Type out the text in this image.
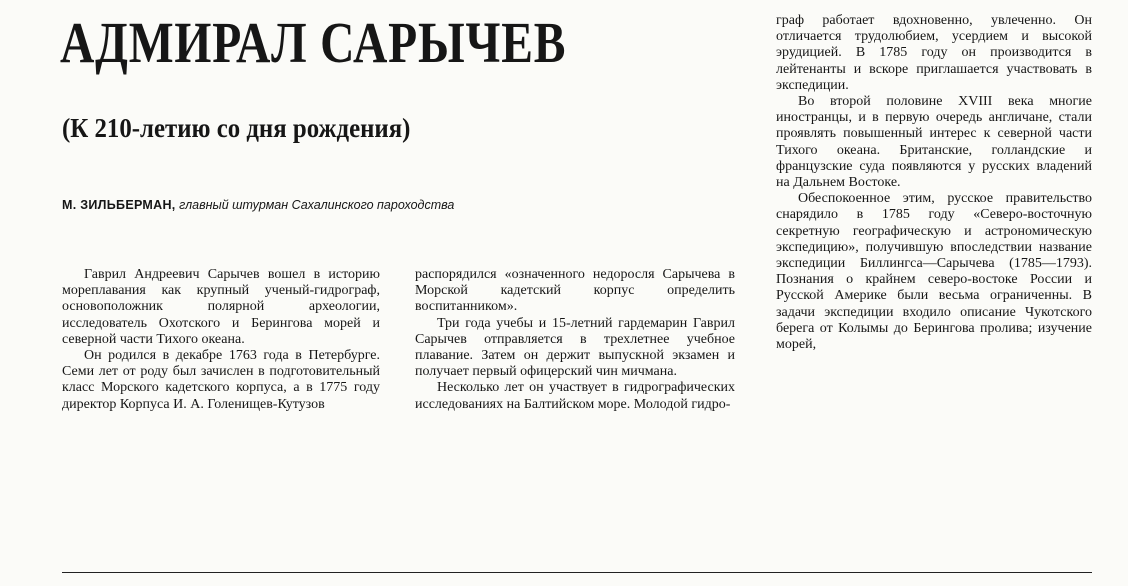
АДМИРАЛ САРЫЧЕВ
(К 210-летию со дня рождения)
М. ЗИЛЬБЕРМАН, главный штурман Сахалинского пароходства

Гаврил Андреевич Сарычев вошел в историю мореплавания как крупный ученый-гидрограф, основоположник полярной археологии, исследователь Охотского и Берингова морей и северной части Тихого океана.

Он родился в декабре 1763 года в Петербурге. Семи лет от роду был зачислен в подготовительный класс Морского кадетского корпуса, а в 1775 году директор Корпуса И. А. Голенищев-Кутузов

распорядился «означенного недоросля Сарычева в Морской кадетский корпус определить воспитанником».

Три года учебы и 15-летний гардемарин Гаврил Сарычев отправляется в трехлетнее учебное плавание. Затем он держит выпускной экзамен и получает первый офицерский чин мичмана.

Несколько лет он участвует в гидрографических исследованиях на Балтийском море. Молодой гидро-

граф работает вдохновенно, увлеченно. Он отличается трудолюбием, усердием и высокой эрудицией. В 1785 году он производится в лейтенанты и вскоре приглашается участвовать в экспедиции.

Во второй половине XVIII века многие иностранцы, и в первую очередь англичане, стали проявлять повышенный интерес к северной части Тихого океана. Британские, голландские и французские суда появляются у русских владений на Дальнем Востоке.

Обеспокоенное этим, русское правительство снарядило в 1785 году «Северо-восточную секретную географическую и астрономическую экспедицию», получившую впоследствии название экспедиции Биллингса—Сарычева (1785—1793). Познания о крайнем северо-востоке России и Русской Америке были весьма ограниченны. В задачи экспедиции входило описание Чукотского берега от Колымы до Берингова пролива; изучение морей,
